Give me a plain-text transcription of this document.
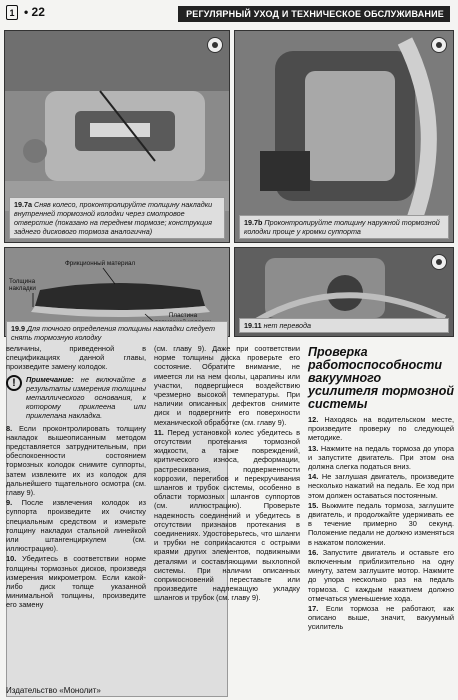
1 • 22	РЕГУЛЯРНЫЙ УХОД И ТЕХНИЧЕСКОЕ ОБСЛУЖИВАНИЕ
19.7a Сняв колесо, проконтролируйте толщину накладки внутренней тормозной колодки через смотровое отверстие (показано на переднем тормозе; конструкция заднего дискового тормоза аналогична)
19.7b Проконтролируйте толщину наружной тормозной колодки проще у кромки суппорта
Фрикционный материал
Толщина накладки
Пластина
19.9 Для точного определения толщины накладки следует снять тормозную колодку
19.11 нет перевода

величины, приведенной в спецификациях данной главы, произведите замену колодок.

!	Примечание: не включайте в результаты измерения толщины металлического основания, к которому приклеена или приклепана накладка.

8. Если проконтролировать толщину накладок вышеописанным методом представляется затруднительным, при обеспокоенности состоянием тормозных колодок снимите суппорты, затем извлеките их из колодок для дальнейшего тщательного осмотра (см. главу 9).

9. После извлечения колодок из суппорта произведите их очистку специальным средством и измерьте толщину накладки стальной линейкой или штангенциркулем (см. иллюстрацию).

10. Убедитесь в соответствии норме толщины тормозных дисков, произведя измерения микрометром. Если какой-либо диск толще указанной минимальной толщины, произведите его замену

(см. главу 9). Даже при соответствии норме толщины диска проверьте его состояние. Обратите внимание, не имеется ли на нем сколы, царапины или участки, подвергшиеся воздействию чрезмерно высокой температуры. При наличии описанных дефектов снимите диск и подвергните его поверхности механической обработке (см. главу 9).

11. Перед установкой колес убедитесь в отсутствии протекания тормозной жидкости, а также повреждений, критического износа, деформации, растрескивания, подверженности коррозии, перегибов и перекручивания шлангов и трубок системы, особенно в области тормозных шлангов суппортов (см. иллюстрацию). Проверьте надежность соединений и убедитесь в отсутствии признаков протекания в соединениях. Удостоверьтесь, что шланги и трубки не соприкасаются с острыми краями других элементов, подвижными деталями и составляющими выхлопной системы. При наличии описанных соприкосновений переставьте или произведите надлежащую укладку шлангов и трубок (см. главу 9).

Проверка работоспособности вакуумного усилителя тормозной системы

12. Находясь на водительском месте, произведите проверку по следующей методике.

13. Нажмите на педаль тормоза до упора и запустите двигатель. При этом она должна слегка податься вниз.

14. Не заглушая двигатель, произведите несколько нажатий на педаль. Ее ход при этом должен оставаться постоянным.

15. Выжмите педаль тормоза, заглушите двигатель, и продолжайте удерживать ее в течение примерно 30 секунд. Положение педали не должно изменяться в нажатом положении.

16. Запустите двигатель и оставьте его включенным приблизительно на одну минуту, затем заглушите мотор. Нажмите до упора несколько раз на педаль тормоза. С каждым нажатием должно отмечаться уменьшение хода.

17. Если тормоза не работают, как описано выше, значит, вакуумный усилитель

Издательство «Монолит»
